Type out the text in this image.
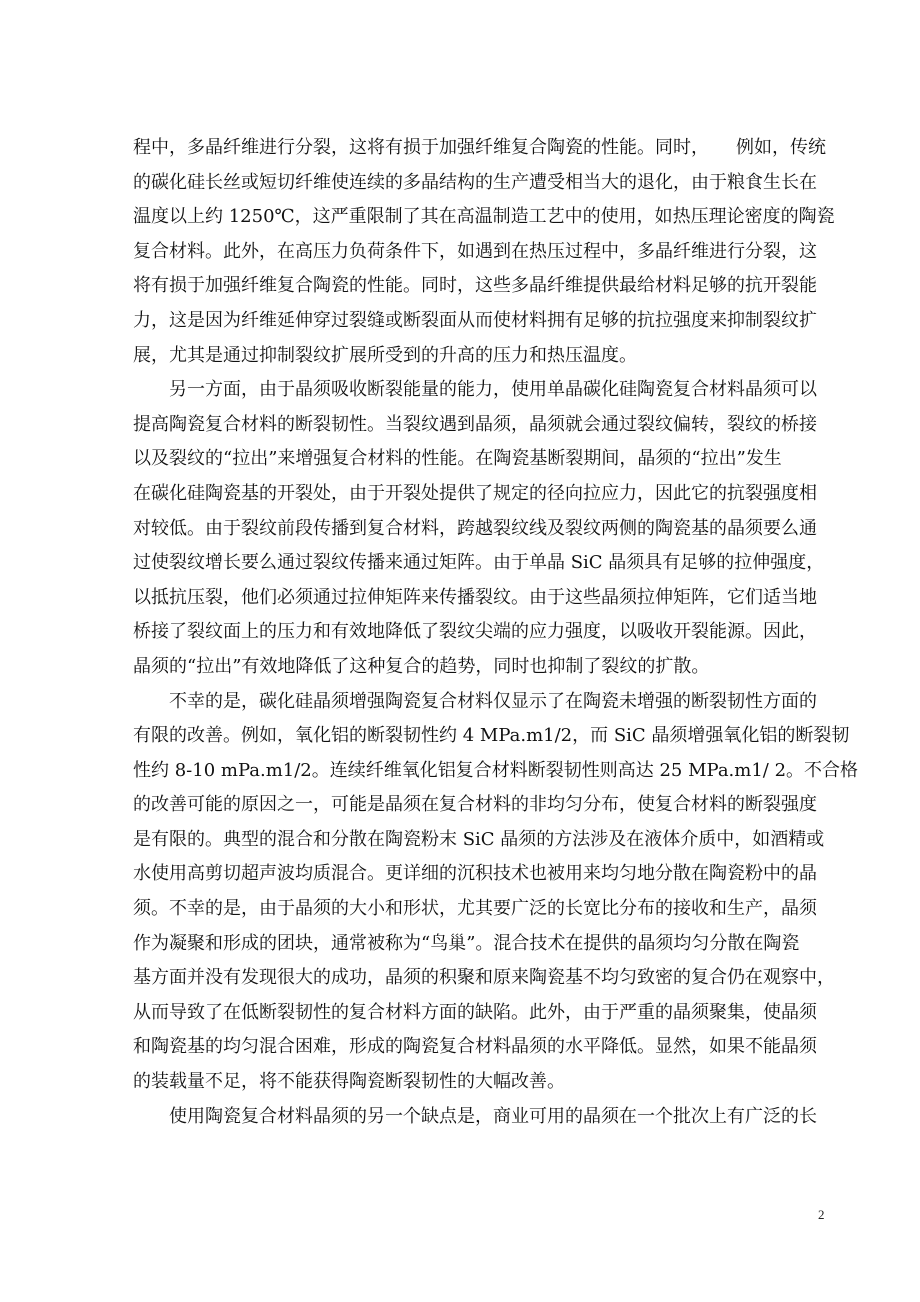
程中，多晶纤维进行分裂，这将有损于加强纤维复合陶瓷的性能。同时，　　例如，传统
的碳化硅长丝或短切纤维使连续的多晶结构的生产遭受相当大的退化，由于粮食生长在
温度以上约 1250℃，这严重限制了其在高温制造工艺中的使用，如热压理论密度的陶瓷
复合材料。此外，在高压力负荷条件下，如遇到在热压过程中，多晶纤维进行分裂，这
将有损于加强纤维复合陶瓷的性能。同时，这些多晶纤维提供最给材料足够的抗开裂能
力，这是因为纤维延伸穿过裂缝或断裂面从而使材料拥有足够的抗拉强度来抑制裂纹扩
展，尤其是通过抑制裂纹扩展所受到的升高的压力和热压温度。
另一方面，由于晶须吸收断裂能量的能力，使用单晶碳化硅陶瓷复合材料晶须可以
提高陶瓷复合材料的断裂韧性。当裂纹遇到晶须，晶须就会通过裂纹偏转，裂纹的桥接
以及裂纹的“拉出”来增强复合材料的性能。在陶瓷基断裂期间，晶须的“拉出”发生
在碳化硅陶瓷基的开裂处，由于开裂处提供了规定的径向拉应力，因此它的抗裂强度相
对较低。由于裂纹前段传播到复合材料，跨越裂纹线及裂纹两侧的陶瓷基的晶须要么通
过使裂纹增长要么通过裂纹传播来通过矩阵。由于单晶 SiC 晶须具有足够的拉伸强度，
以抵抗压裂，他们必须通过拉伸矩阵来传播裂纹。由于这些晶须拉伸矩阵，它们适当地
桥接了裂纹面上的压力和有效地降低了裂纹尖端的应力强度，以吸收开裂能源。因此，
晶须的“拉出”有效地降低了这种复合的趋势，同时也抑制了裂纹的扩散。
不幸的是，碳化硅晶须增强陶瓷复合材料仅显示了在陶瓷未增强的断裂韧性方面的
有限的改善。例如，氧化铝的断裂韧性约 4 MPa.m1/2，而 SiC 晶须增强氧化铝的断裂韧
性约 8-10 mPa.m1/2。连续纤维氧化铝复合材料断裂韧性则高达 25 MPa.m1/ 2。不合格
的改善可能的原因之一，可能是晶须在复合材料的非均匀分布，使复合材料的断裂强度
是有限的。典型的混合和分散在陶瓷粉末 SiC 晶须的方法涉及在液体介质中，如酒精或
水使用高剪切超声波均质混合。更详细的沉积技术也被用来均匀地分散在陶瓷粉中的晶
须。不幸的是，由于晶须的大小和形状，尤其要广泛的长宽比分布的接收和生产，晶须
作为凝聚和形成的团块，通常被称为“鸟巢”。混合技术在提供的晶须均匀分散在陶瓷
基方面并没有发现很大的成功，晶须的积聚和原来陶瓷基不均匀致密的复合仍在观察中，
从而导致了在低断裂韧性的复合材料方面的缺陷。此外，由于严重的晶须聚集，使晶须
和陶瓷基的均匀混合困难，形成的陶瓷复合材料晶须的水平降低。显然，如果不能晶须
的装载量不足，将不能获得陶瓷断裂韧性的大幅改善。
使用陶瓷复合材料晶须的另一个缺点是，商业可用的晶须在一个批次上有广泛的长
2
